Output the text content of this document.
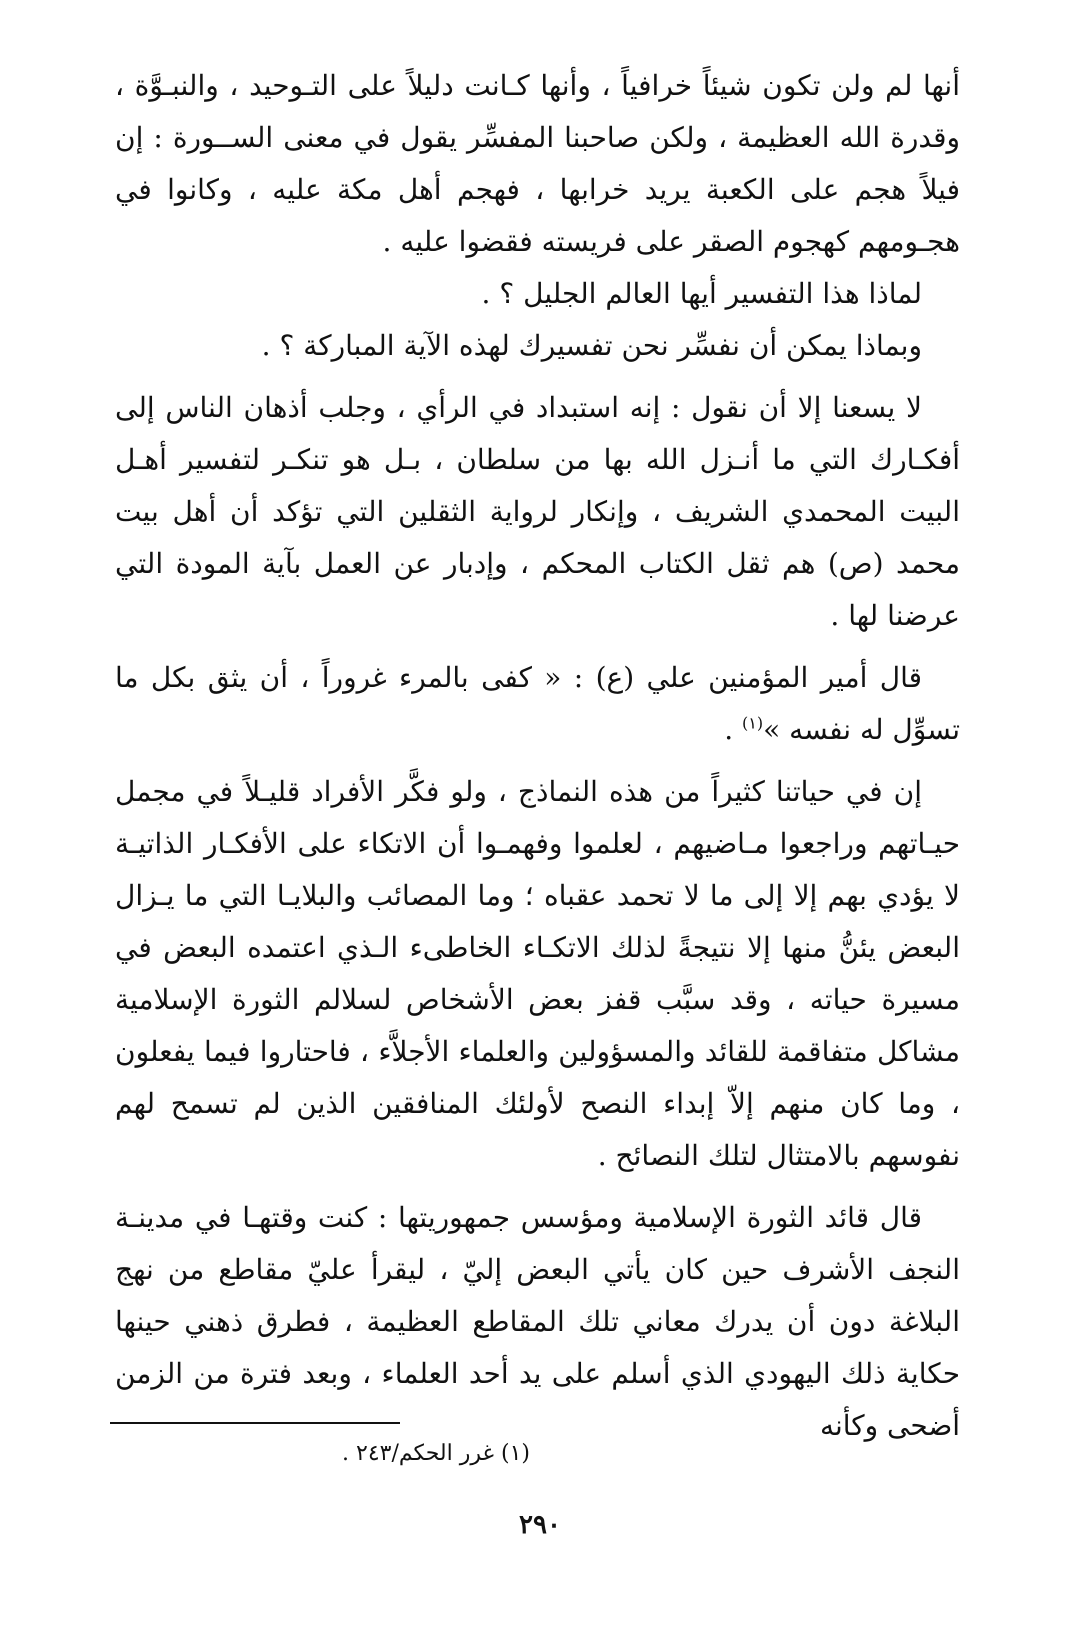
أنها لم ولن تكون شيئاً خرافياً ، وأنها كـانت دليلاً على التـوحيد ، والنبـوَّة ، وقدرة الله العظيمة ، ولكن صاحبنا المفسِّر يقول في معنى الســورة : إن فيلاً هجم على الكعبة يريد خرابها ، فهجم أهل مكة عليه ، وكانوا في هجـومهم كهجوم الصقر على فريسته فقضوا عليه .

لماذا هذا التفسير أيها العالم الجليل ؟ .

وبماذا يمكن أن نفسِّر نحن تفسيرك لهذه الآية المباركة ؟ .

لا يسعنا إلا أن نقول : إنه استبداد في الرأي ، وجلب أذهان الناس إلى أفكـارك التي ما أنـزل الله بها من سلطان ، بـل هو تنكـر لتفسير أهـل البيت المحمدي الشريف ، وإنكار لرواية الثقلين التي تؤكد أن أهل بيت محمد (ص) هم ثقل الكتاب المحكم ، وإدبار عن العمل بآية المودة التي عرضنا لها .

قال أمير المؤمنين علي (ع) : « كفى بالمرء غروراً ، أن يثق بكل ما تسوِّل له نفسه »$^{(١)}$ .

إن في حياتنا كثيراً من هذه النماذج ، ولو فكَّر الأفراد قليـلاً في مجمل حيـاتهم وراجعوا مـاضيهم ، لعلموا وفهمـوا أن الاتكاء على الأفكـار الذاتيـة لا يؤدي بهم إلا إلى ما لا تحمد عقباه ؛ وما المصائب والبلايـا التي ما يـزال البعض يئنُّ منها إلا نتيجةً لذلك الاتكـاء الخاطىء الـذي اعتمده البعض في مسيرة حياته ، وقد سبَّب قفز بعض الأشخاص لسلالم الثورة الإسلامية مشاكل متفاقمة للقائد والمسؤولين والعلماء الأجلاَّء ، فاحتاروا فيما يفعلون ، وما كان منهم إلاّ إبداء النصح لأولئك المنافقين الذين لم تسمح لهم نفوسهم بالامتثال لتلك النصائح .

قال قائد الثورة الإسلامية ومؤسس جمهوريتها : كنت وقتهـا في مدينـة النجف الأشرف حين كان يأتي البعض إليّ ، ليقرأ عليّ مقاطع من نهج البلاغة دون أن يدرك معاني تلك المقاطع العظيمة ، فطرق ذهني حينها حكاية ذلك اليهودي الذي أسلم على يد أحد العلماء ، وبعد فترة من الزمن أضحى وكأنه

(١) غرر الحكم/٢٤٣ .
٢٩٠
